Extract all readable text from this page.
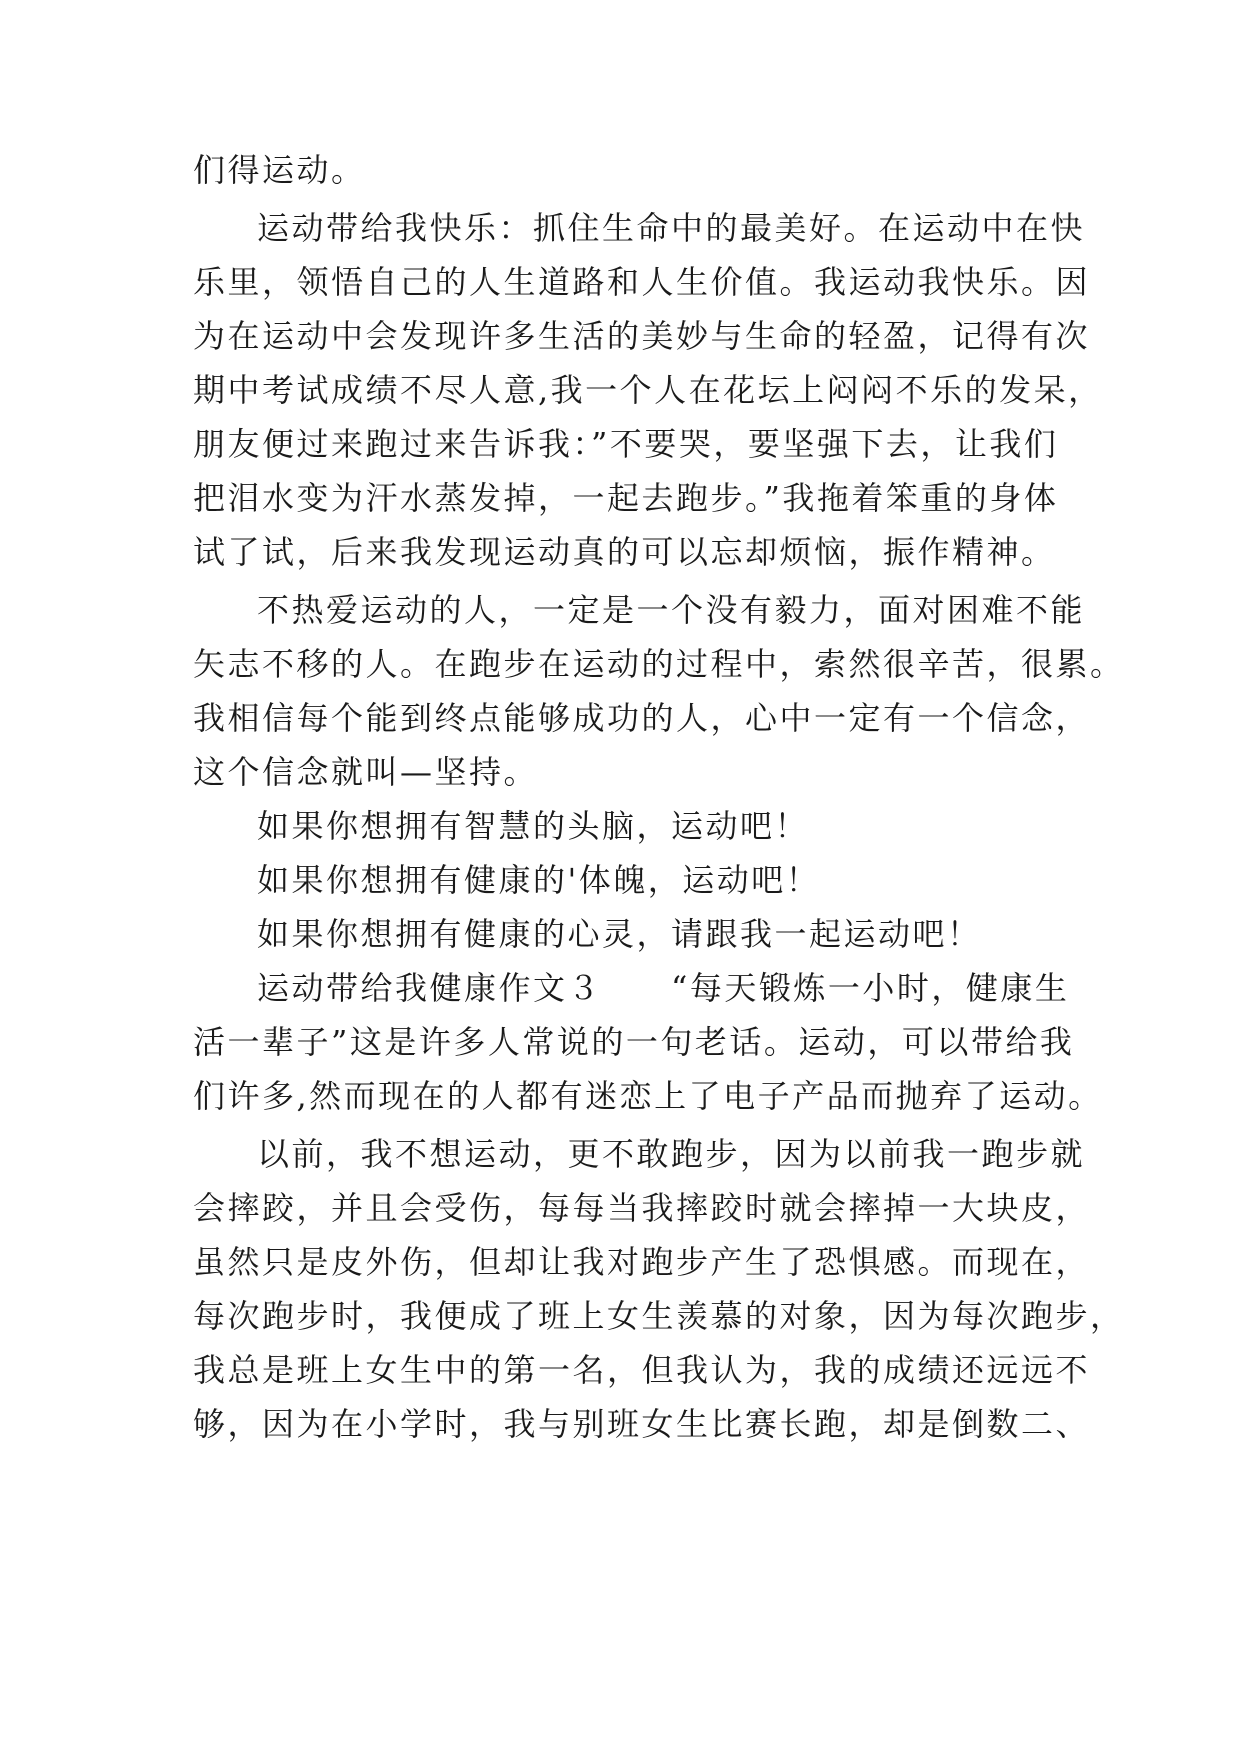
们得运动。
运动带给我快乐：抓住生命中的最美好。在运动中在快
乐里，领悟自己的人生道路和人生价值。我运动我快乐。因
为在运动中会发现许多生活的美妙与生命的轻盈，记得有次
期中考试成绩不尽人意,我一个人在花坛上闷闷不乐的发呆，
朋友便过来跑过来告诉我：”不要哭，要坚强下去，让我们
把泪水变为汗水蒸发掉，一起去跑步。”我拖着笨重的身体
试了试，后来我发现运动真的可以忘却烦恼，振作精神。
不热爱运动的人，一定是一个没有毅力，面对困难不能
矢志不移的人。在跑步在运动的过程中，索然很辛苦，很累。
我相信每个能到终点能够成功的人，心中一定有一个信念，
这个信念就叫—坚持。
如果你想拥有智慧的头脑，运动吧！
如果你想拥有健康的'体魄，运动吧！
如果你想拥有健康的心灵，请跟我一起运动吧！
运动带给我健康作文３　　“每天锻炼一小时，健康生
活一辈子”这是许多人常说的一句老话。运动，可以带给我
们许多,然而现在的人都有迷恋上了电子产品而抛弃了运动。
以前，我不想运动，更不敢跑步，因为以前我一跑步就
会摔跤，并且会受伤，每每当我摔跤时就会摔掉一大块皮，
虽然只是皮外伤，但却让我对跑步产生了恐惧感。而现在，
每次跑步时，我便成了班上女生羡慕的对象，因为每次跑步，
我总是班上女生中的第一名，但我认为，我的成绩还远远不
够，因为在小学时，我与别班女生比赛长跑，却是倒数二、
